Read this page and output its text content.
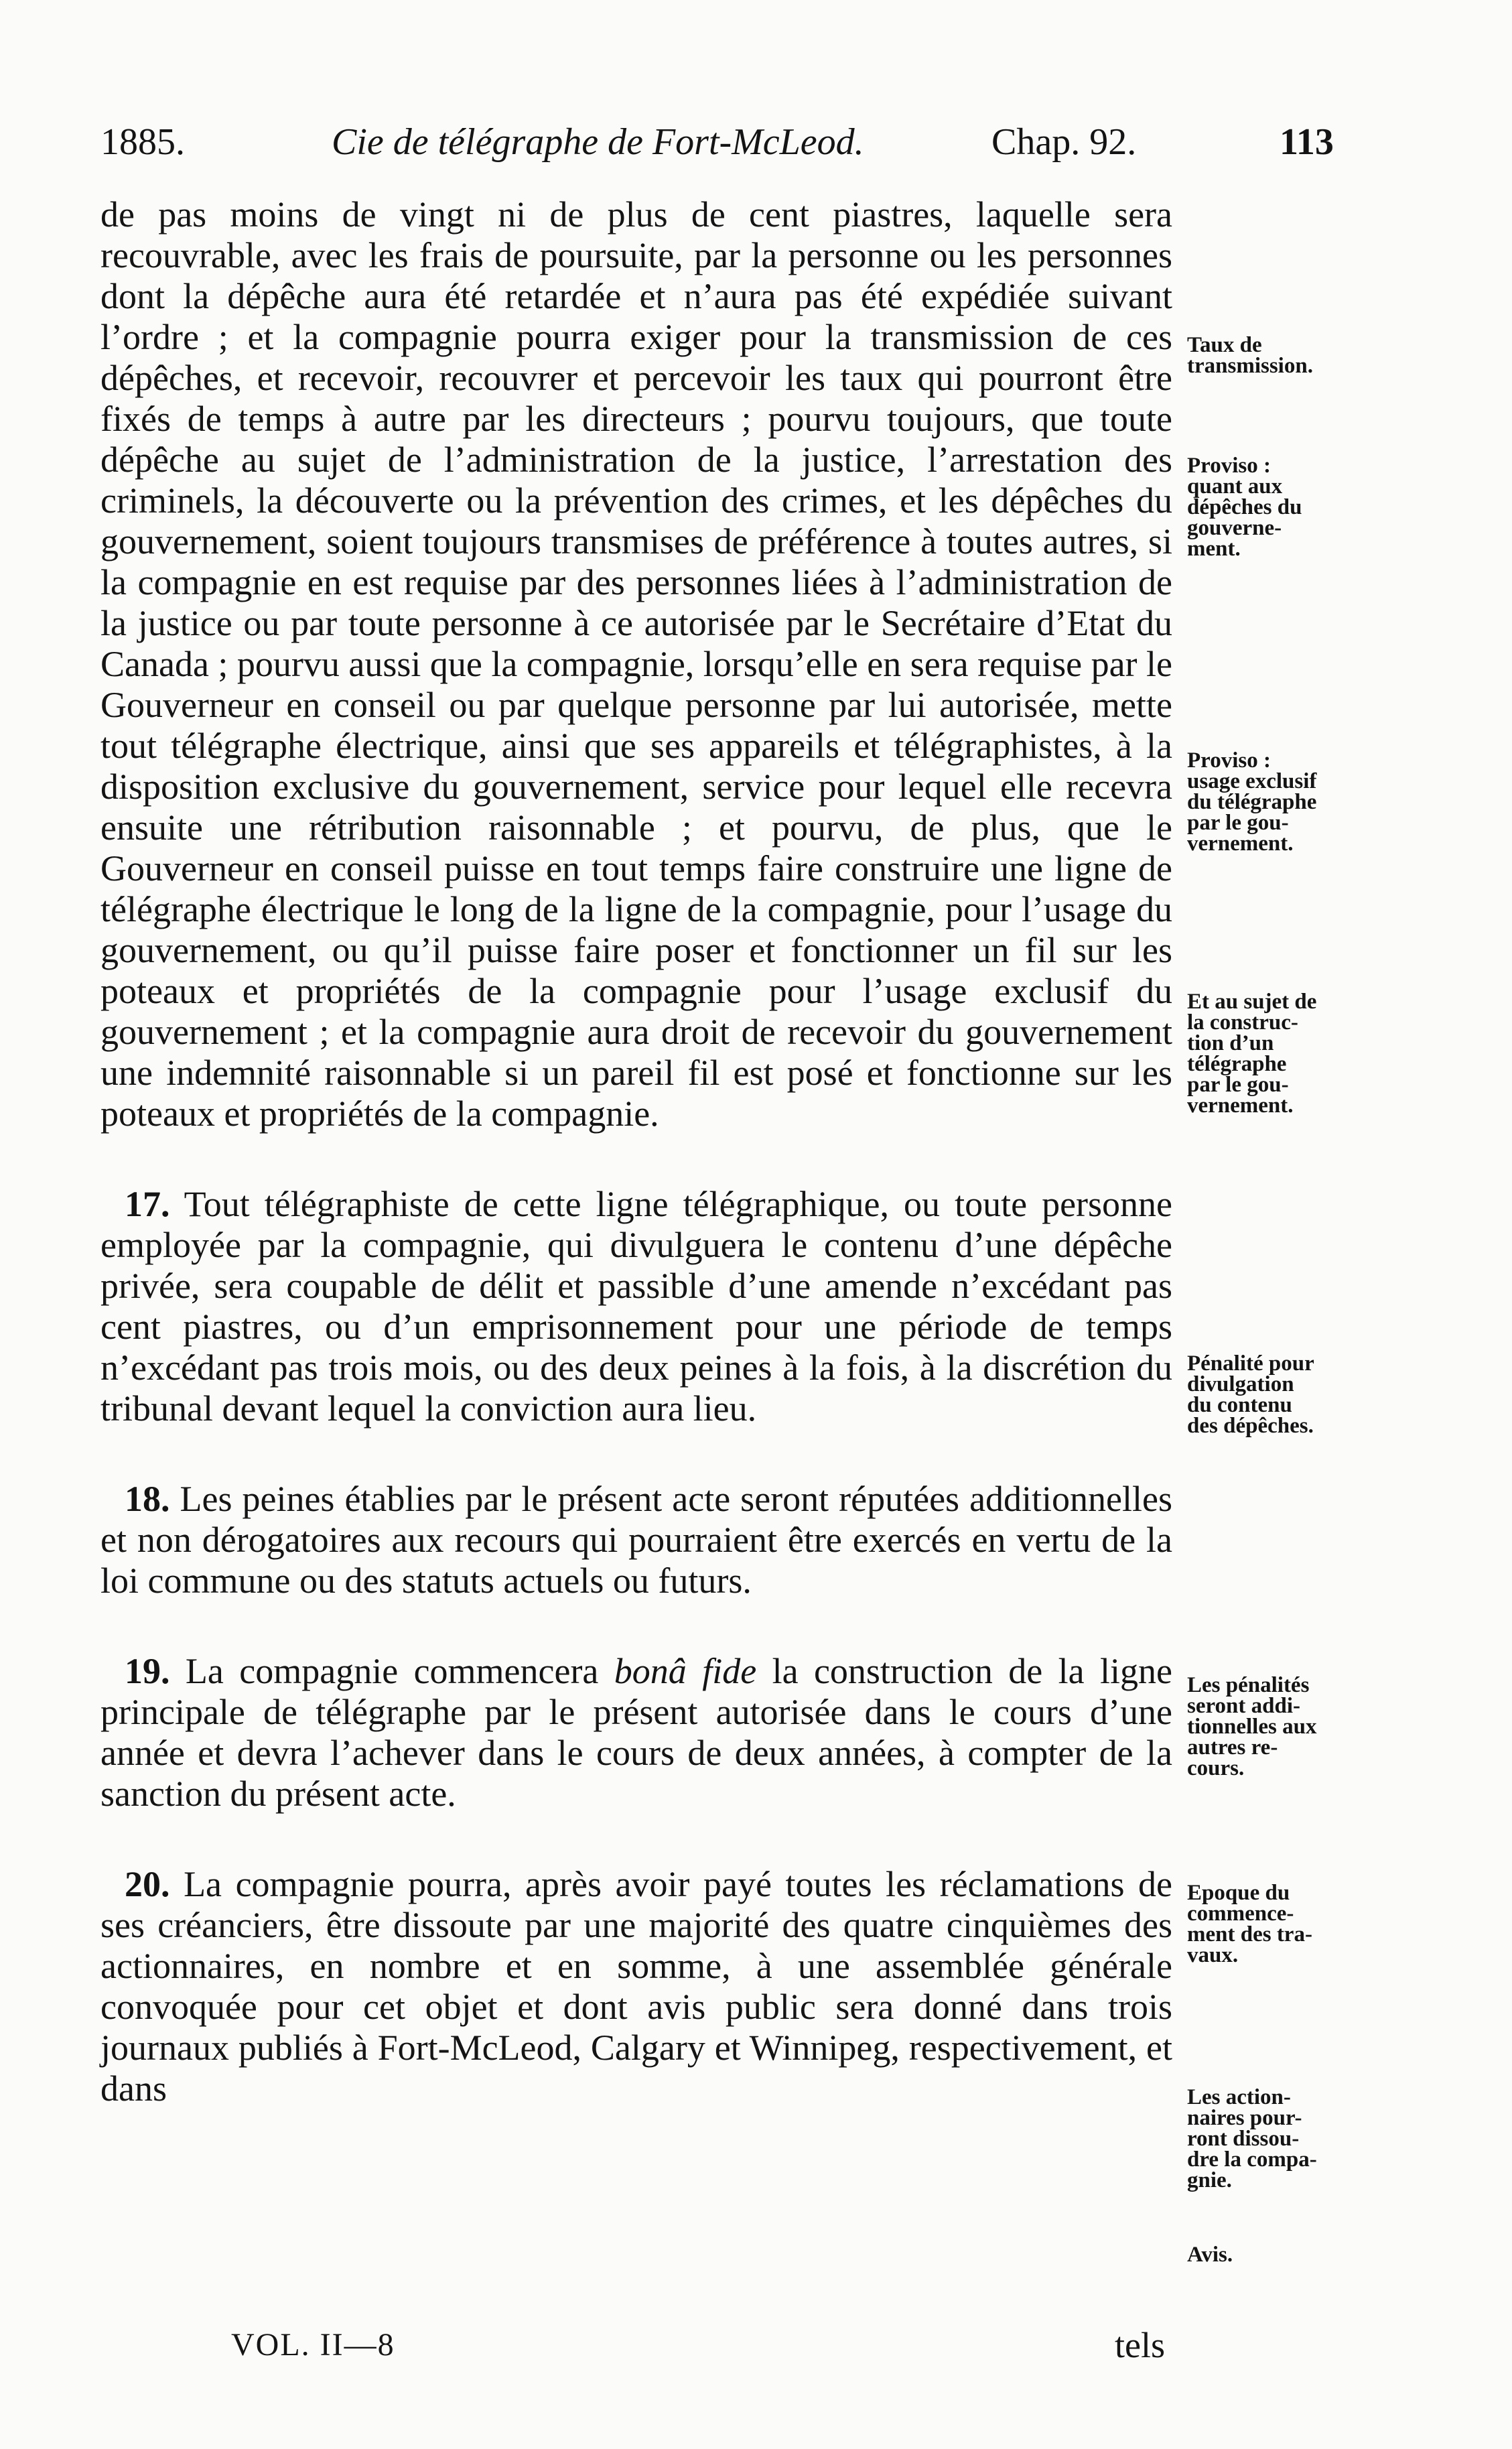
1885.	Cie de télégraphe de Fort-McLeod.	Chap. 92.	113

de pas moins de vingt ni de plus de cent piastres, laquelle sera recouvrable, avec les frais de poursuite, par la personne ou les personnes dont la dépêche aura été retardée et n’aura pas été expédiée suivant l’ordre ; et la compagnie pourra exiger pour la transmission de ces dépêches, et recevoir, recouvrer et percevoir les taux qui pourront être fixés de temps à autre par les directeurs ; pourvu toujours, que toute dépêche au sujet de l’administration de la justice, l’arrestation des criminels, la découverte ou la prévention des crimes, et les dépêches du gouvernement, soient toujours transmises de préférence à toutes autres, si la compagnie en est requise par des personnes liées à l’administration de la justice ou par toute personne à ce autorisée par le Secrétaire d’Etat du Canada ; pourvu aussi que la compagnie, lorsqu’elle en sera requise par le Gouverneur en conseil ou par quelque personne par lui autorisée, mette tout télégraphe électrique, ainsi que ses appareils et télégraphistes, à la disposition exclusive du gouvernement, service pour lequel elle recevra ensuite une rétribution raisonnable ; et pourvu, de plus, que le Gouverneur en conseil puisse en tout temps faire construire une ligne de télégraphe électrique le long de la ligne de la compagnie, pour l’usage du gouvernement, ou qu’il puisse faire poser et fonctionner un fil sur les poteaux et propriétés de la compagnie pour l’usage exclusif du gouvernement ; et la compagnie aura droit de recevoir du gouvernement une indemnité raisonnable si un pareil fil est posé et fonctionne sur les poteaux et propriétés de la compagnie.

17. Tout télégraphiste de cette ligne télégraphique, ou toute personne employée par la compagnie, qui divulguera le contenu d’une dépêche privée, sera coupable de délit et passible d’une amende n’excédant pas cent piastres, ou d’un emprisonnement pour une période de temps n’excédant pas trois mois, ou des deux peines à la fois, à la discrétion du tribunal devant lequel la conviction aura lieu.

18. Les peines établies par le présent acte seront réputées additionnelles et non dérogatoires aux recours qui pourraient être exercés en vertu de la loi commune ou des statuts actuels ou futurs.

19. La compagnie commencera bonâ fide la construction de la ligne principale de télégraphe par le présent autorisée dans le cours d’une année et devra l’achever dans le cours de deux années, à compter de la sanction du présent acte.

20. La compagnie pourra, après avoir payé toutes les réclamations de ses créanciers, être dissoute par une majorité des quatre cinquièmes des actionnaires, en nombre et en somme, à une assemblée générale convoquée pour cet objet et dont avis public sera donné dans trois journaux publiés à Fort-McLeod, Calgary et Winnipeg, respectivement, et dans

Taux de
transmission.
Proviso :
quant aux
dépêches du
gouverne-
ment.
Proviso :
usage exclusif
du télégraphe
par le gou-
vernement.
Et au sujet de
la construc-
tion d’un
télégraphe
par le gou-
vernement.
Pénalité pour
divulgation
du contenu
des dépêches.
Les pénalités
seront addi-
tionnelles aux
autres re-
cours.
Epoque du
commence-
ment des tra-
vaux.
Les action-
naires pour-
ront dissou-
dre la compa-
gnie.
Avis.
VOL. II—8	tels
